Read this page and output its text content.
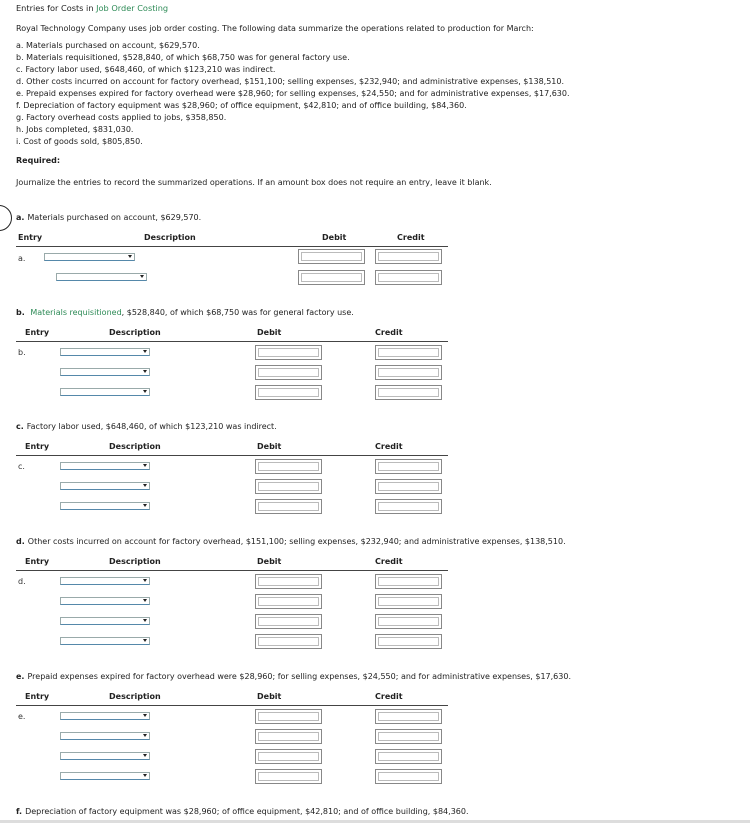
Entries for Costs in Job Order Costing
Royal Technology Company uses job order costing. The following data summarize the operations related to production for March:
a. Materials purchased on account, $629,570.
b. Materials requisitioned, $528,840, of which $68,750 was for general factory use.
c. Factory labor used, $648,460, of which $123,210 was indirect.
d. Other costs incurred on account for factory overhead, $151,100; selling expenses, $232,940; and administrative expenses, $138,510.
e. Prepaid expenses expired for factory overhead were $28,960; for selling expenses, $24,550; and for administrative expenses, $17,630.
f. Depreciation of factory equipment was $28,960; of office equipment, $42,810; and of office building, $84,360.
g. Factory overhead costs applied to jobs, $358,850.
h. Jobs completed, $831,030.
i. Cost of goods sold, $805,850.
Required:
Journalize the entries to record the summarized operations. If an amount box does not require an entry, leave it blank.
a. Materials purchased on account, $629,570.
Entry	Description	Debit	Credit
a.
b. Materials requisitioned, $528,840, of which $68,750 was for general factory use.
Entry	Description	Debit	Credit
b.
c. Factory labor used, $648,460, of which $123,210 was indirect.
Entry	Description	Debit	Credit
c.
d. Other costs incurred on account for factory overhead, $151,100; selling expenses, $232,940; and administrative expenses, $138,510.
Entry	Description	Debit	Credit
d.
e. Prepaid expenses expired for factory overhead were $28,960; for selling expenses, $24,550; and for administrative expenses, $17,630.
Entry	Description	Debit	Credit
e.
f. Depreciation of factory equipment was $28,960; of office equipment, $42,810; and of office building, $84,360.
